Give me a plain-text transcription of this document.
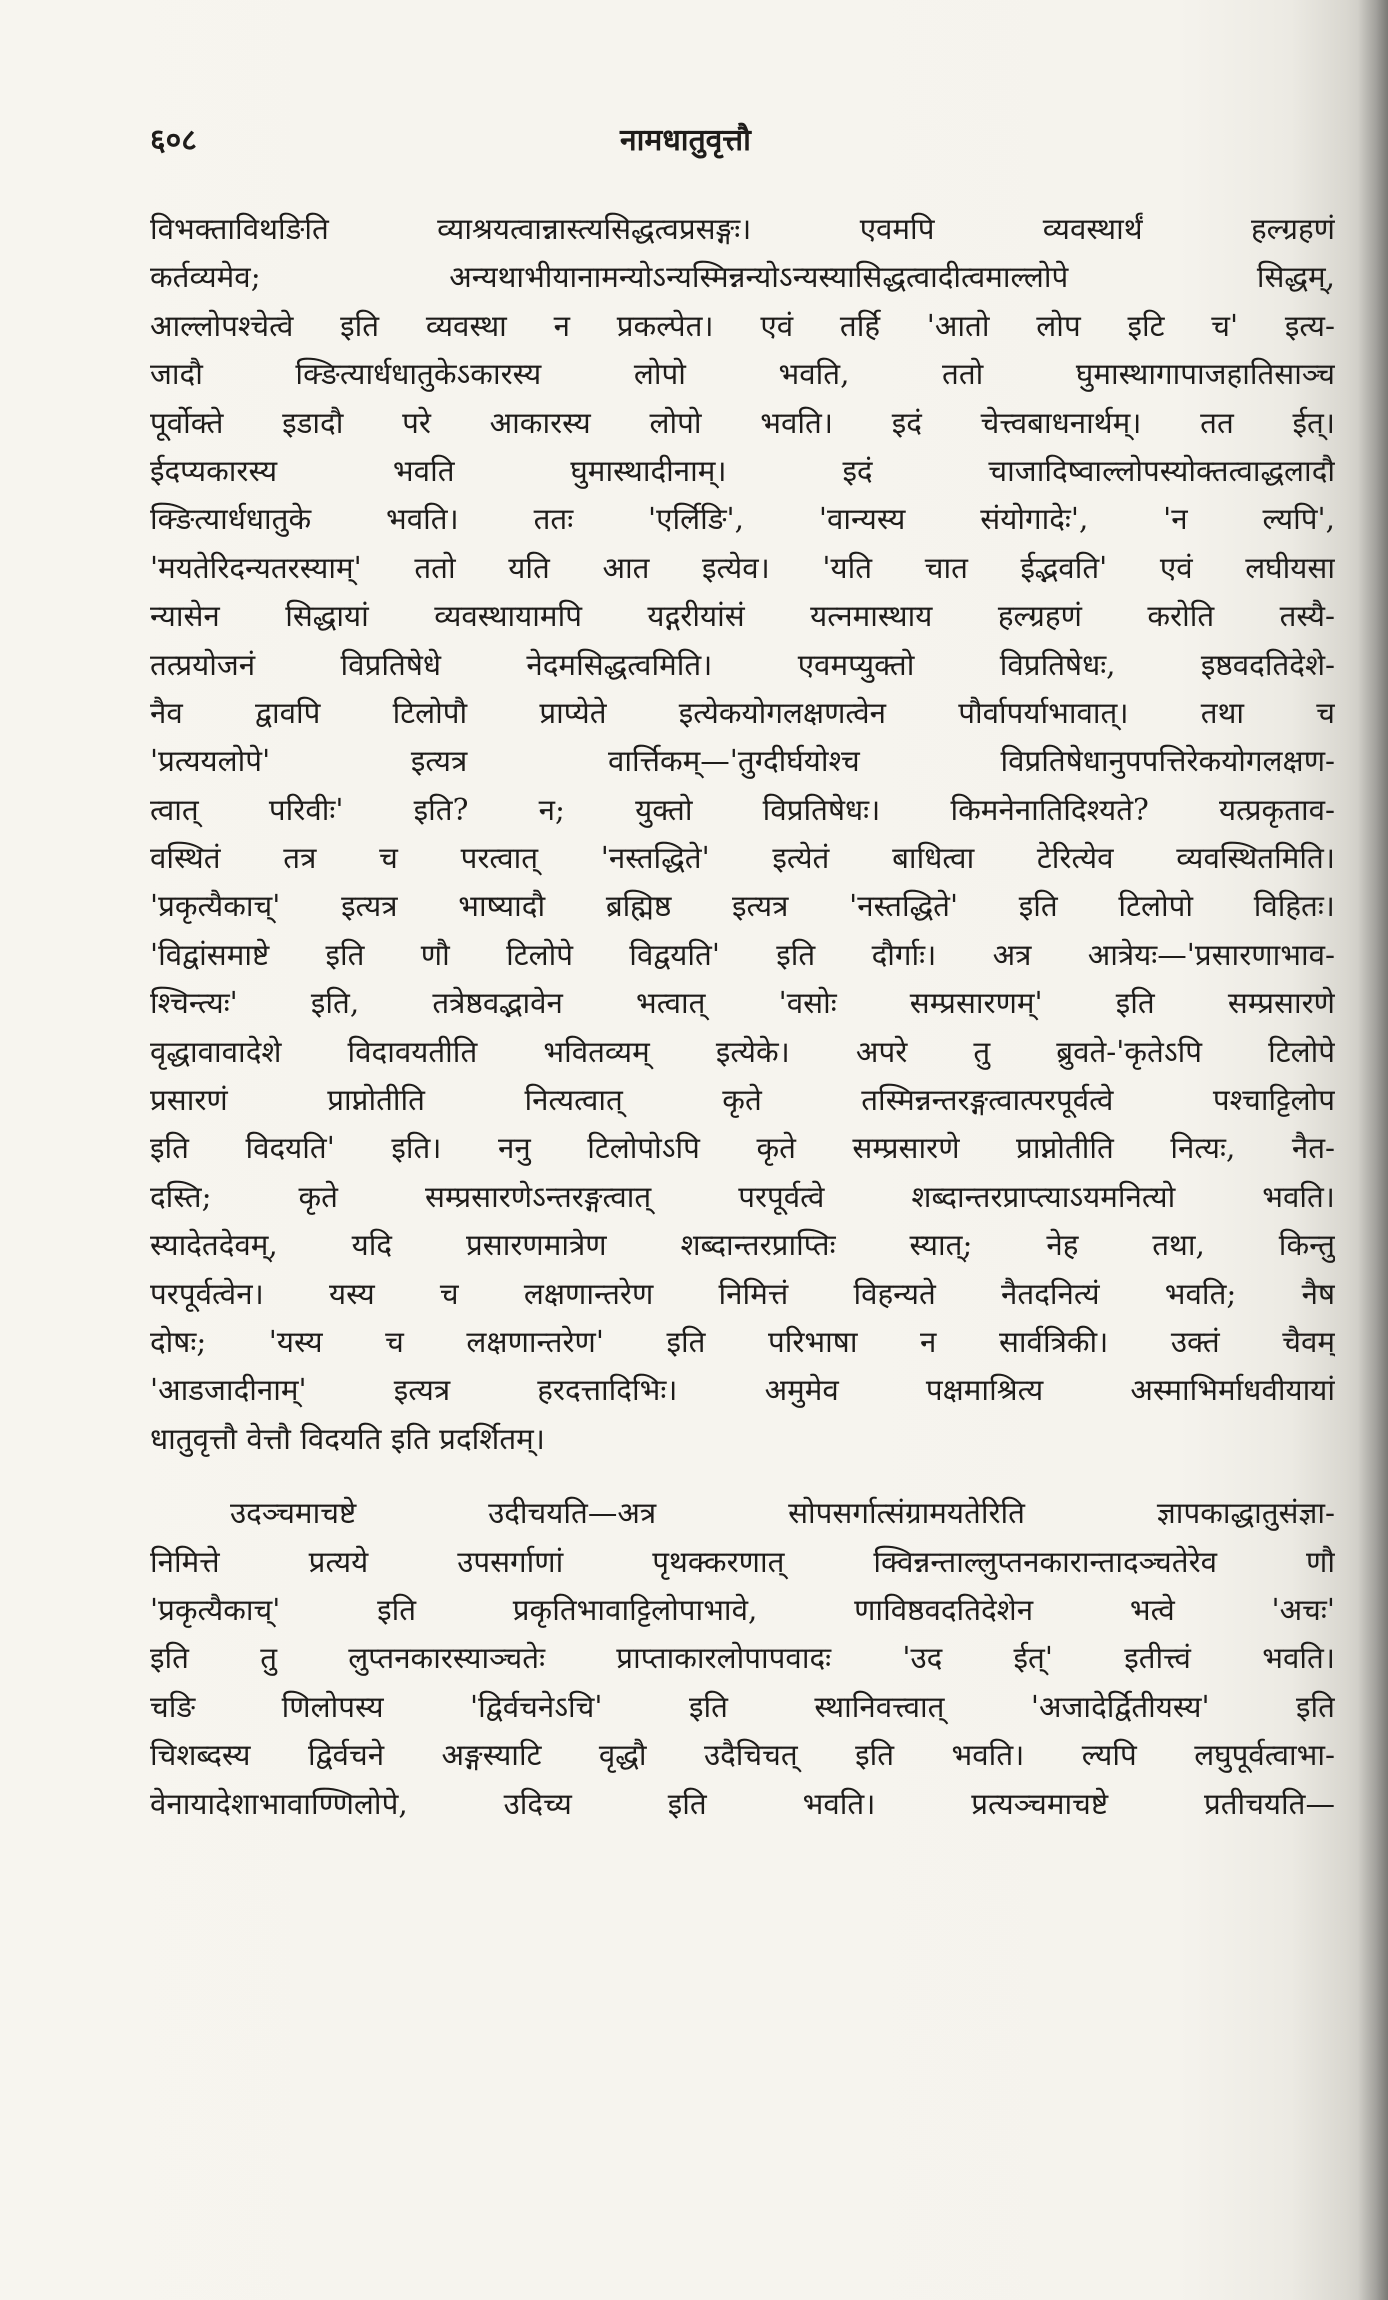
६०८	नामधातुवृत्तौ
विभक्ताविथङिति व्याश्रयत्वान्नास्त्यसिद्धत्वप्रसङ्गः। एवमपि व्यवस्थार्थं हल्ग्रहणं
कर्तव्यमेव; अन्यथाभीयानामन्योऽन्यस्मिन्नन्योऽन्यस्यासिद्धत्वादीत्वमाल्लोपे सिद्धम्,
आल्लोपश्चेत्वे इति व्यवस्था न प्रकल्पेत। एवं तर्हि 'आतो लोप इटि च' इत्य-
जादौ क्ङित्यार्धधातुकेऽकारस्य लोपो भवति, ततो घुमास्थागापाजहातिसाञ्च
पूर्वोक्ते इडादौ परे आकारस्य लोपो भवति। इदं चेत्त्वबाधनार्थम्। तत ईत्।
ईदप्यकारस्य भवति घुमास्थादीनाम्। इदं चाजादिष्वाल्लोपस्योक्तत्वाद्धलादौ
क्ङित्यार्धधातुके भवति। ततः 'एर्लिङि', 'वान्यस्य संयोगादेः', 'न ल्यपि',
'मयतेरिदन्यतरस्याम्' ततो यति आत इत्येव। 'यति चात ईद्भवति' एवं लघीयसा
न्यासेन सिद्धायां व्यवस्थायामपि यद्गरीयांसं यत्नमास्थाय हल्ग्रहणं करोति तस्यै-
तत्प्रयोजनं विप्रतिषेधे नेदमसिद्धत्वमिति। एवमप्युक्तो विप्रतिषेधः, इष्ठवदतिदेशे-
नैव द्वावपि टिलोपौ प्राप्येते इत्येकयोगलक्षणत्वेन पौर्वापर्याभावात्। तथा च
'प्रत्ययलोपे' इत्यत्र वार्त्तिकम्—'तुग्दीर्घयोश्च विप्रतिषेधानुपपत्तिरेकयोगलक्षण-
त्वात् परिवीः' इति? न; युक्तो विप्रतिषेधः। किमनेनातिदिश्यते? यत्प्रकृताव-
वस्थितं तत्र च परत्वात् 'नस्तद्धिते' इत्येतं बाधित्वा टेरित्येव व्यवस्थितमिति।
'प्रकृत्यैकाच्' इत्यत्र भाष्यादौ ब्रह्मिष्ठ इत्यत्र 'नस्तद्धिते' इति टिलोपो विहितः।
'विद्वांसमाष्टे इति णौ टिलोपे विद्वयति' इति दौर्गाः। अत्र आत्रेयः—'प्रसारणाभाव-
श्चिन्त्यः' इति, तत्रेष्ठवद्भावेन भत्वात् 'वसोः सम्प्रसारणम्' इति सम्प्रसारणे
वृद्धावावादेशे विदावयतीति भवितव्यम् इत्येके। अपरे तु ब्रुवते-'कृतेऽपि टिलोपे
प्रसारणं प्राप्नोतीति नित्यत्वात् कृते तस्मिन्नन्तरङ्गत्वात्परपूर्वत्वे पश्चाट्टिलोप
इति विदयति' इति। ननु टिलोपोऽपि कृते सम्प्रसारणे प्राप्नोतीति नित्यः, नैत-
दस्ति; कृते सम्प्रसारणेऽन्तरङ्गत्वात् परपूर्वत्वे शब्दान्तरप्राप्त्याऽयमनित्यो भवति।
स्यादेतदेवम्, यदि प्रसारणमात्रेण शब्दान्तरप्राप्तिः स्यात्; नेह तथा, किन्तु
परपूर्वत्वेन। यस्य च लक्षणान्तरेण निमित्तं विहन्यते नैतदनित्यं भवति; नैष
दोषः; 'यस्य च लक्षणान्तरेण' इति परिभाषा न सार्वत्रिकी। उक्तं चैवम्
'आडजादीनाम्' इत्यत्र हरदत्तादिभिः। अमुमेव पक्षमाश्रित्य अस्माभिर्माधवीयायां
धातुवृत्तौ वेत्तौ विदयति इति प्रदर्शितम्।
उदञ्चमाचष्टे उदीचयति—अत्र सोपसर्गात्संग्रामयतेरिति ज्ञापकाद्धातुसंज्ञा-
निमित्ते प्रत्यये उपसर्गाणां पृथक्करणात् क्विन्नन्ताल्लुप्तनकारान्तादञ्चतेरेव णौ
'प्रकृत्यैकाच्' इति प्रकृतिभावाट्टिलोपाभावे, णाविष्ठवदतिदेशेन भत्वे 'अचः'
इति तु लुप्तनकारस्याञ्चतेः प्राप्ताकारलोपापवादः 'उद ईत्' इतीत्त्वं भवति।
चङि णिलोपस्य 'द्विर्वचनेऽचि' इति स्थानिवत्त्वात् 'अजादेर्द्वितीयस्य' इति
चिशब्दस्य द्विर्वचने अङ्गस्याटि वृद्धौ उदैचिचत् इति भवति। ल्यपि लघुपूर्वत्वाभा-
वेनायादेशाभावाण्णिलोपे, उदिच्य इति भवति। प्रत्यञ्चमाचष्टे प्रतीचयति—
